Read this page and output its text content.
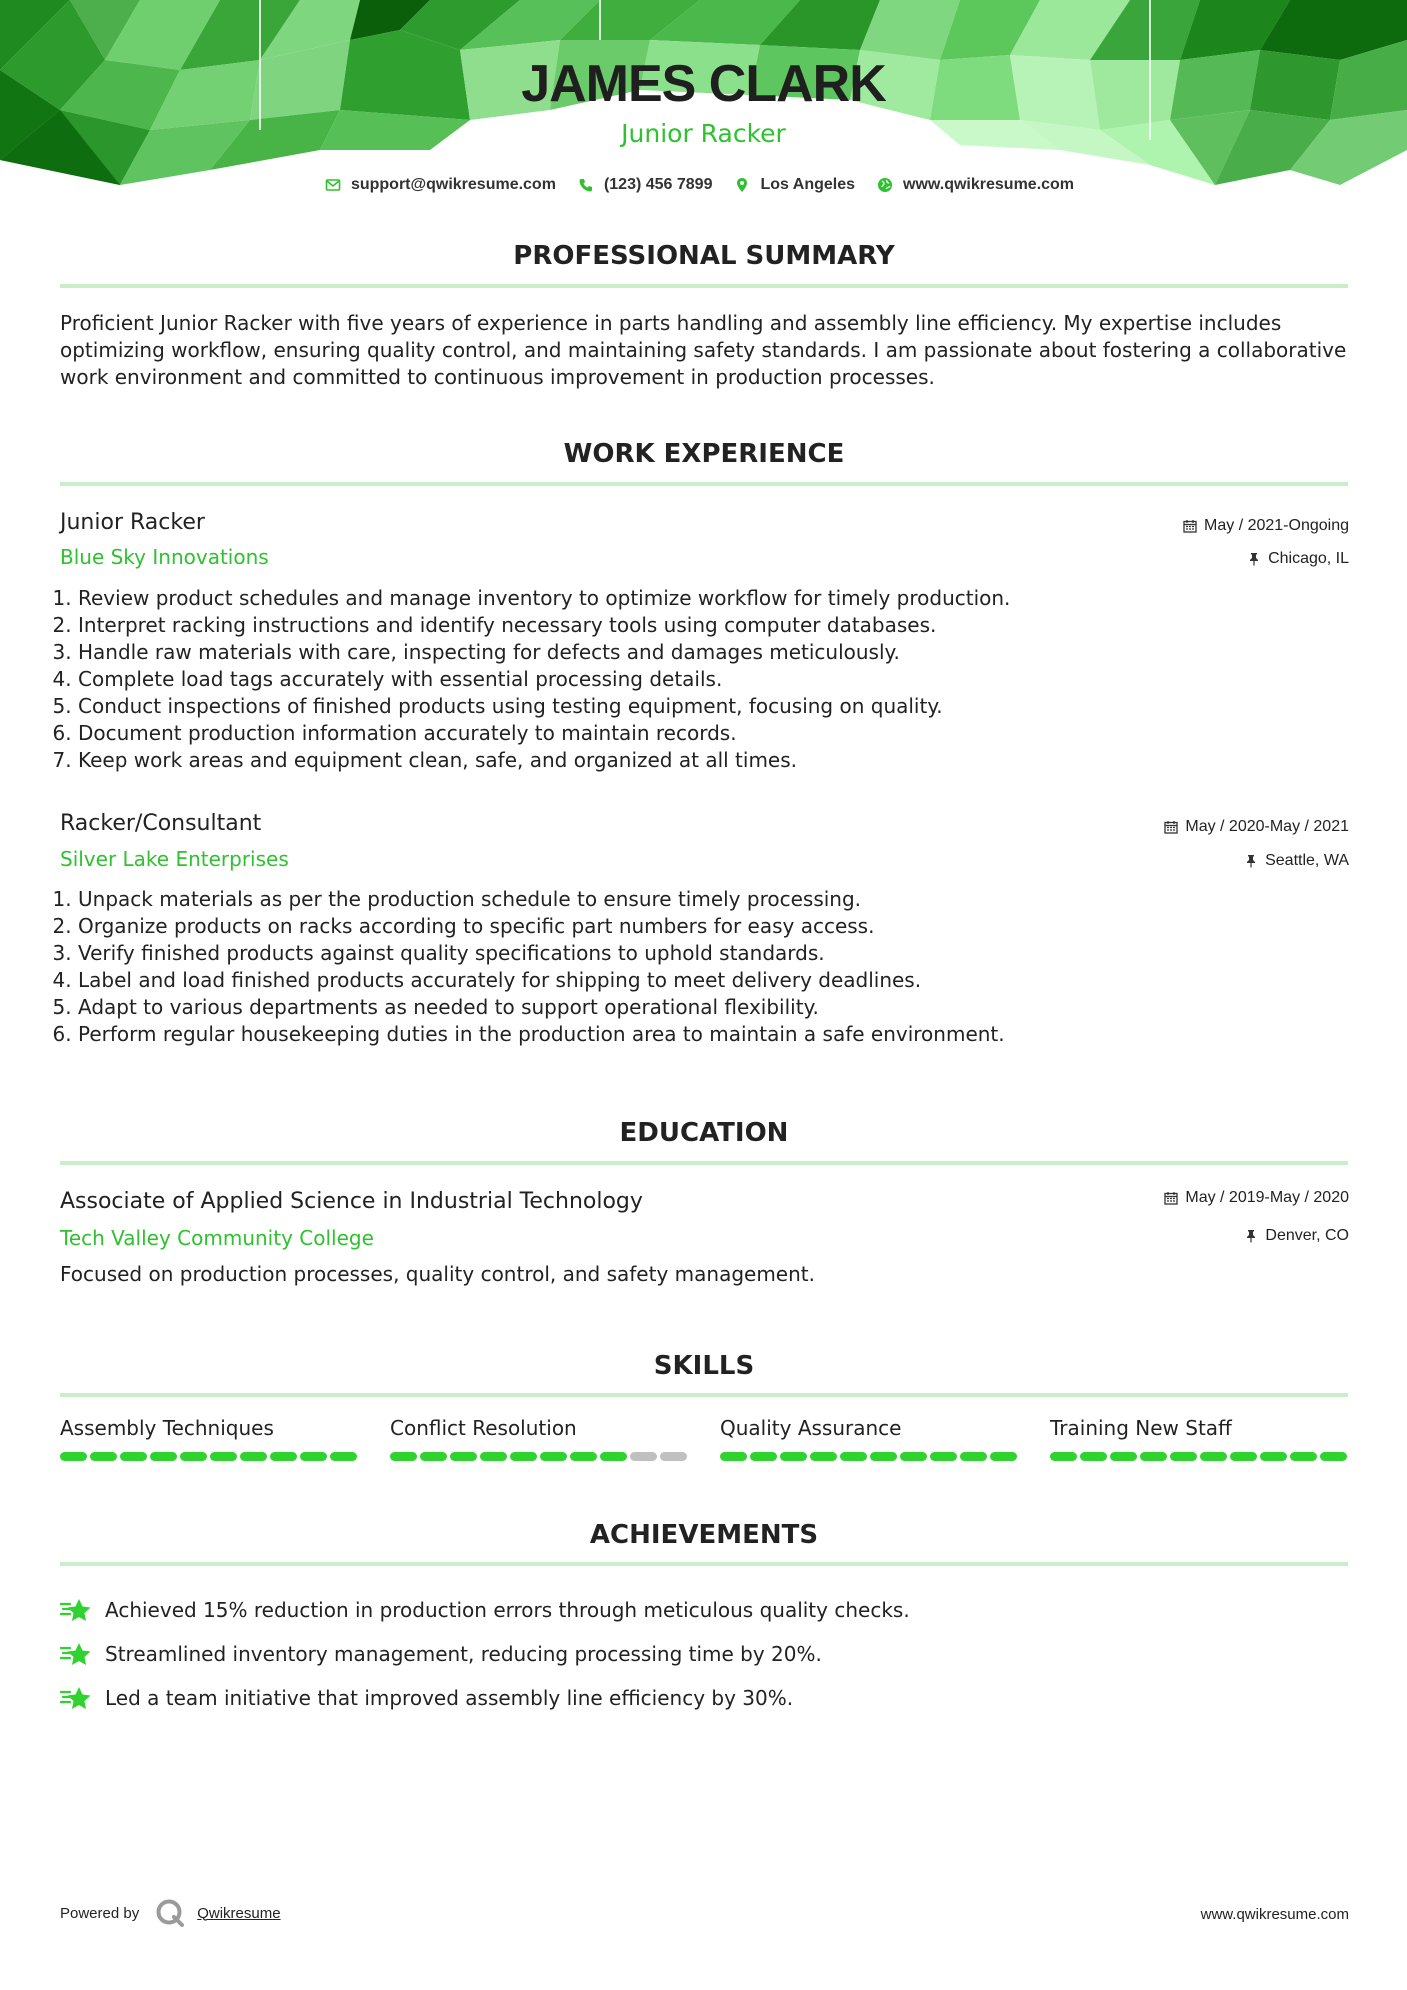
JAMES CLARK
Junior Racker
support@qwikresume.com	(123) 456 7899	Los Angeles	www.qwikresume.com
PROFESSIONAL SUMMARY

Proficient Junior Racker with five years of experience in parts handling and assembly line efficiency. My expertise includes optimizing workflow, ensuring quality control, and maintaining safety standards. I am passionate about fostering a collaborative work environment and committed to continuous improvement in production processes.

WORK EXPERIENCE
Junior Racker	May / 2021-Ongoing
Blue Sky Innovations	Chicago, IL
1. Review product schedules and manage inventory to optimize workflow for timely production.
2. Interpret racking instructions and identify necessary tools using computer databases.
3. Handle raw materials with care, inspecting for defects and damages meticulously.
4. Complete load tags accurately with essential processing details.
5. Conduct inspections of finished products using testing equipment, focusing on quality.
6. Document production information accurately to maintain records.
7. Keep work areas and equipment clean, safe, and organized at all times.
Racker/Consultant	May / 2020-May / 2021
Silver Lake Enterprises	Seattle, WA
1. Unpack materials as per the production schedule to ensure timely processing.
2. Organize products on racks according to specific part numbers for easy access.
3. Verify finished products against quality specifications to uphold standards.
4. Label and load finished products accurately for shipping to meet delivery deadlines.
5. Adapt to various departments as needed to support operational flexibility.
6. Perform regular housekeeping duties in the production area to maintain a safe environment.
EDUCATION
Associate of Applied Science in Industrial Technology	May / 2019-May / 2020
Tech Valley Community College	Denver, CO

Focused on production processes, quality control, and safety management.

SKILLS
Assembly Techniques	Conflict Resolution	Quality Assurance	Training New Staff
ACHIEVEMENTS
Achieved 15% reduction in production errors through meticulous quality checks.
Streamlined inventory management, reducing processing time by 20%.
Led a team initiative that improved assembly line efficiency by 30%.
Powered by	Qwikresume	www.qwikresume.com
